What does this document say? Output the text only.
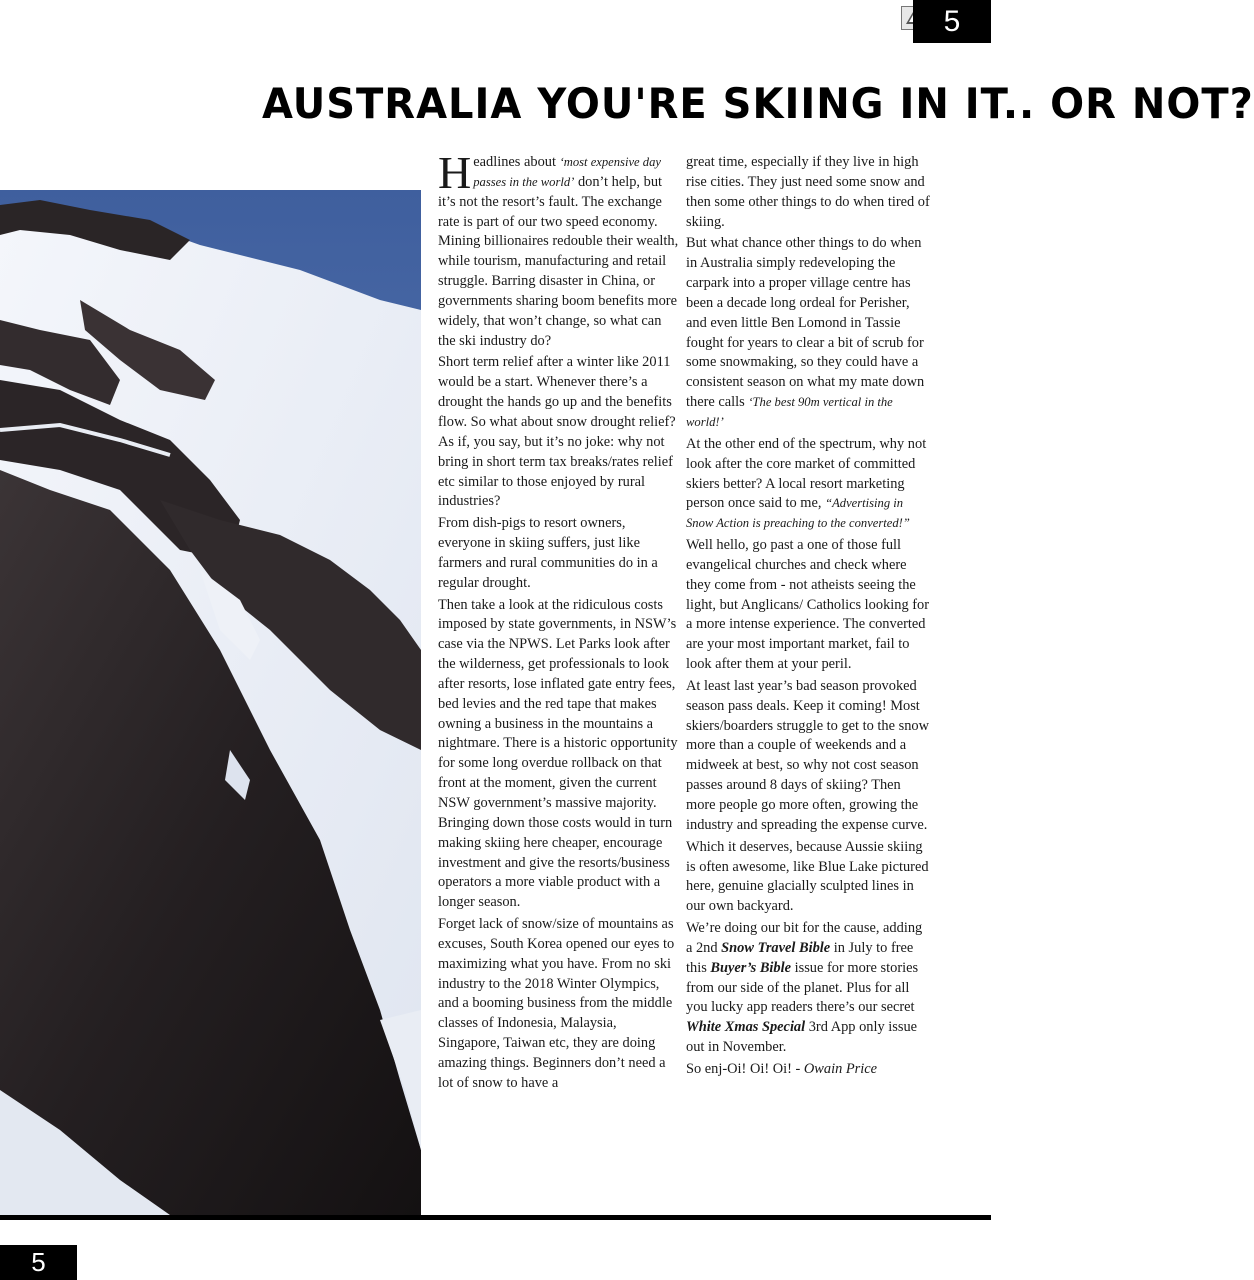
5
AUSTRALIA YOU'RE SKIING IN IT.. OR NOT?

Headlines about ‘most expensive day passes in the world’ don’t help, but it’s not the resort’s fault. The exchange rate is part of our two speed economy. Mining billionaires redouble their wealth, while tourism, manufacturing and retail struggle. Barring disaster in China, or governments sharing boom benefits more widely, that won’t change, so what can the ski industry do?

Short term relief after a winter like 2011 would be a start. Whenever there’s a drought the hands go up and the benefits flow. So what about snow drought relief? As if, you say, but it’s no joke: why not bring in short term tax breaks/rates relief etc similar to those enjoyed by rural industries?

From dish-pigs to resort owners, everyone in skiing suffers, just like farmers and rural communities do in a regular drought.

Then take a look at the ridiculous costs imposed by state governments, in NSW’s case via the NPWS. Let Parks look after the wilderness, get professionals to look after resorts, lose inflated gate entry fees, bed levies and the red tape that makes owning a business in the mountains a nightmare. There is a historic opportunity for some long overdue rollback on that front at the moment, given the current NSW government’s massive majority. Bringing down those costs would in turn making skiing here cheaper, encourage investment and give the resorts/business operators a more viable product with a longer season.

Forget lack of snow/size of mountains as excuses, South Korea opened our eyes to maximizing what you have. From no ski industry to the 2018 Winter Olympics, and a booming business from the middle classes of Indonesia, Malaysia, Singapore, Taiwan etc, they are doing amazing things. Beginners don’t need a lot of snow to have a

great time, especially if they live in high rise cities. They just need some snow and then some other things to do when tired of skiing.

But what chance other things to do when in Australia simply redeveloping the carpark into a proper village centre has been a decade long ordeal for Perisher, and even little Ben Lomond in Tassie fought for years to clear a bit of scrub for some snowmaking, so they could have a consistent season on what my mate down there calls ‘The best 90m vertical in the world!’

At the other end of the spectrum, why not look after the core market of committed skiers better? A local resort marketing person once said to me, “Advertising in Snow Action is preaching to the converted!”

Well hello, go past a one of those full evangelical churches and check where they come from - not atheists seeing the light, but Anglicans/ Catholics looking for a more intense experience. The converted are your most important market, fail to look after them at your peril.

At least last year’s bad season provoked season pass deals. Keep it coming! Most skiers/boarders struggle to get to the snow more than a couple of weekends and a midweek at best, so why not cost season passes around 8 days of skiing? Then more people go more often, growing the industry and spreading the expense curve.

Which it deserves, because Aussie skiing is often awesome, like Blue Lake pictured here, genuine glacially sculpted lines in our own backyard.

We’re doing our bit for the cause, adding a 2nd Snow Travel Bible in July to free this Buyer’s Bible issue for more stories from our side of the planet. Plus for all you lucky app readers there’s our secret White Xmas Special 3rd App only issue out in November.

So enj-Oi! Oi! Oi! - Owain Price

5
